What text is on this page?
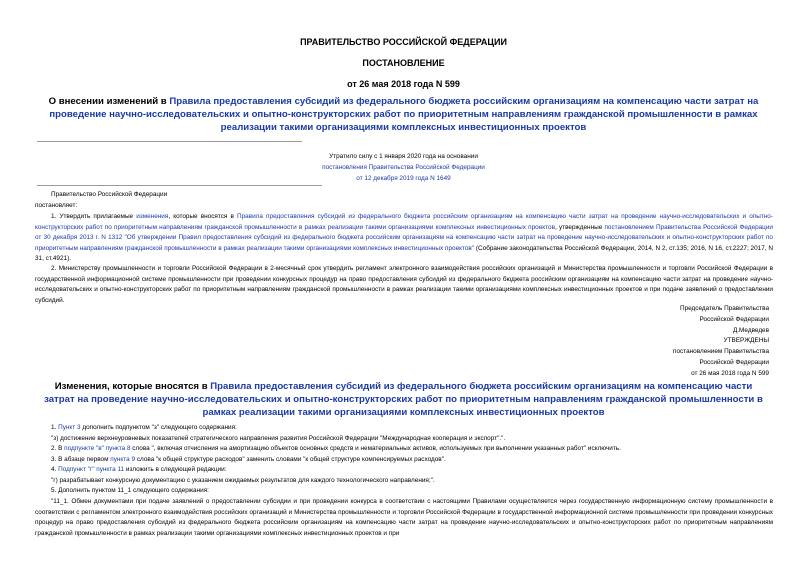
ПРАВИТЕЛЬСТВО РОССИЙСКОЙ ФЕДЕРАЦИИ
ПОСТАНОВЛЕНИЕ
от 26 мая 2018 года N 599
О внесении изменений в Правила предоставления субсидий из федерального бюджета российским организациям на компенсацию части затрат на проведение научно-исследовательских и опытно-конструкторских работ по приоритетным направлениям гражданской промышленности в рамках реализации такими организациями комплексных инвестиционных проектов
Утратило силу с 1 января 2020 года на основании
постановления Правительства Российской Федерации
от 12 декабря 2019 года N 1649
Правительство Российской Федерации
постановляет:
1. Утвердить прилагаемые изменения, которые вносятся в Правила предоставления субсидий из федерального бюджета российским организациям на компенсацию части затрат на проведение научно-исследовательских и опытно-конструкторских работ по приоритетным направлениям гражданской промышленности в рамках реализации такими организациями комплексных инвестиционных проектов, утвержденные постановлением Правительства Российской Федерации от 30 декабря 2013 г. N 1312 "Об утверждении Правил предоставления субсидий из федерального бюджета российским организациям на компенсацию части затрат на проведение научно-исследовательских и опытно-конструкторских работ по приоритетным направлениям гражданской промышленности в рамках реализации такими организациями комплексных инвестиционных проектов" (Собрание законодательства Российской Федерации, 2014, N 2, ст.135; 2016, N 16, ст.2227; 2017, N 31, ст.4921).
2. Министерству промышленности и торговли Российской Федерации в 2-месячный срок утвердить регламент электронного взаимодействия российских организаций и Министерства промышленности и торговли Российской Федерации в государственной информационной системе промышленности при проведении конкурсных процедур на право предоставления субсидий из федерального бюджета российским организациям на компенсацию части затрат на проведение научно-исследовательских и опытно-конструкторских работ по приоритетным направлениям гражданской промышленности в рамках реализации такими организациями комплексных инвестиционных проектов и при подаче заявлений о предоставлении субсидий.
Председатель Правительства
Российской Федерации
Д.Медведев
УТВЕРЖДЕНЫ
постановлением Правительства
Российской Федерации
от 26 мая 2018 года N 599
Изменения, которые вносятся в Правила предоставления субсидий из федерального бюджета российским организациям на компенсацию части затрат на проведение научно-исследовательских и опытно-конструкторских работ по приоритетным направлениям гражданской промышленности в рамках реализации такими организациями комплексных инвестиционных проектов
1. Пункт 3 дополнить подпунктом "з" следующего содержания:
"з) достижение верхнеуровневых показателей стратегического направления развития Российской Федерации "Международная кооперация и экспорт".".
2. В подпункте "в" пункта 8 слова ", включая отчисления на амортизацию объектов основных средств и нематериальных активов, используемых при выполнении указанных работ" исключить.
3. В абзаце первом пункта 9 слова "к общей структуре расходов" заменить словами "к общей структуре компенсируемых расходов".
4. Подпункт "г" пункта 11 изложить в следующей редакции:
"г) разрабатывает конкурсную документацию с указанием ожидаемых результатов для каждого технологического направления;".
5. Дополнить пунктом 11_1 следующего содержания:
"11_1. Обмен документами при подаче заявлений о предоставлении субсидии и при проведении конкурса в соответствии с настоящими Правилами осуществляется через государственную информационную систему промышленности в соответствии с регламентом электронного взаимодействия российских организаций и Министерства промышленности и торговли Российской Федерации в государственной информационной системе промышленности при проведении конкурсных процедур на право предоставления субсидий из федерального бюджета российским организациям на компенсацию части затрат на проведение научно-исследовательских и опытно-конструкторских работ по приоритетным направлениям гражданской промышленности в рамках реализации такими организациями комплексных инвестиционных проектов и при
